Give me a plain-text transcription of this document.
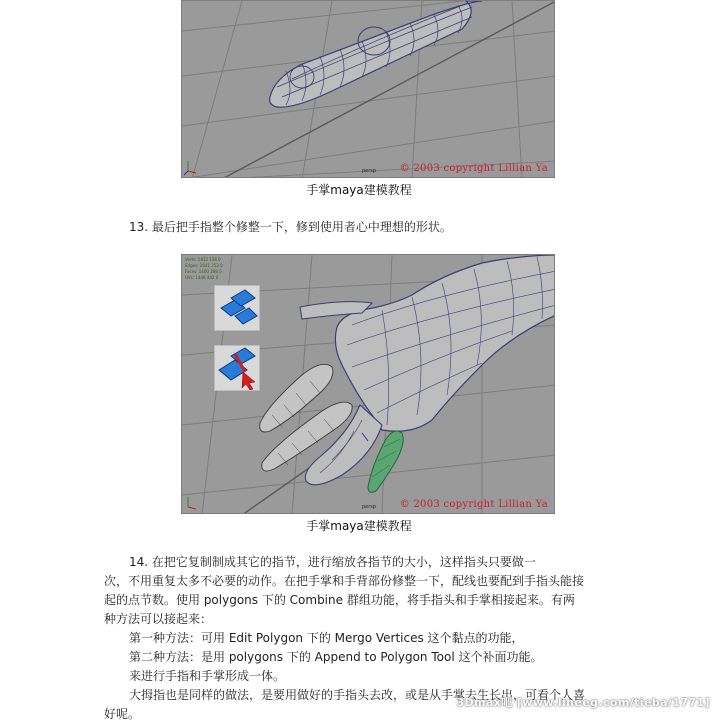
persp © 2003 copyright Lillian Ya
手掌maya建模教程
13. 最后把手指整个修整一下，修到使用者心中理想的形状。
Verts: 1412 136 0
Edges: 2641 253 0
Faces: 1400 268 0
UVs: 1446 442 0
persp © 2003 copyright Lillian Ya
手掌maya建模教程
14. 在把它复制制成其它的指节，进行缩放各指节的大小，这样指头只要做一
次，不用重复太多不必要的动作。在把手掌和手背部份修整一下，配线也要配到手指头能接
起的点节数。使用 polygons 下的 Combine 群组功能，将手指头和手掌相接起来。有两
种方法可以接起来：
第一种方法：可用 Edit Polygon 下的 Mergo Vertices 这个黏点的功能，
第二种方法：是用 polygons 下的 Append to Polygon Tool 这个补面功能。
来进行手指和手掌形成一体。
大拇指也是同样的做法，是要用做好的手指头去改，或是从手掌去生长出，可看个人喜
好呢。
3Dmax吧 [www.lineeg.com/tieba/1771]
